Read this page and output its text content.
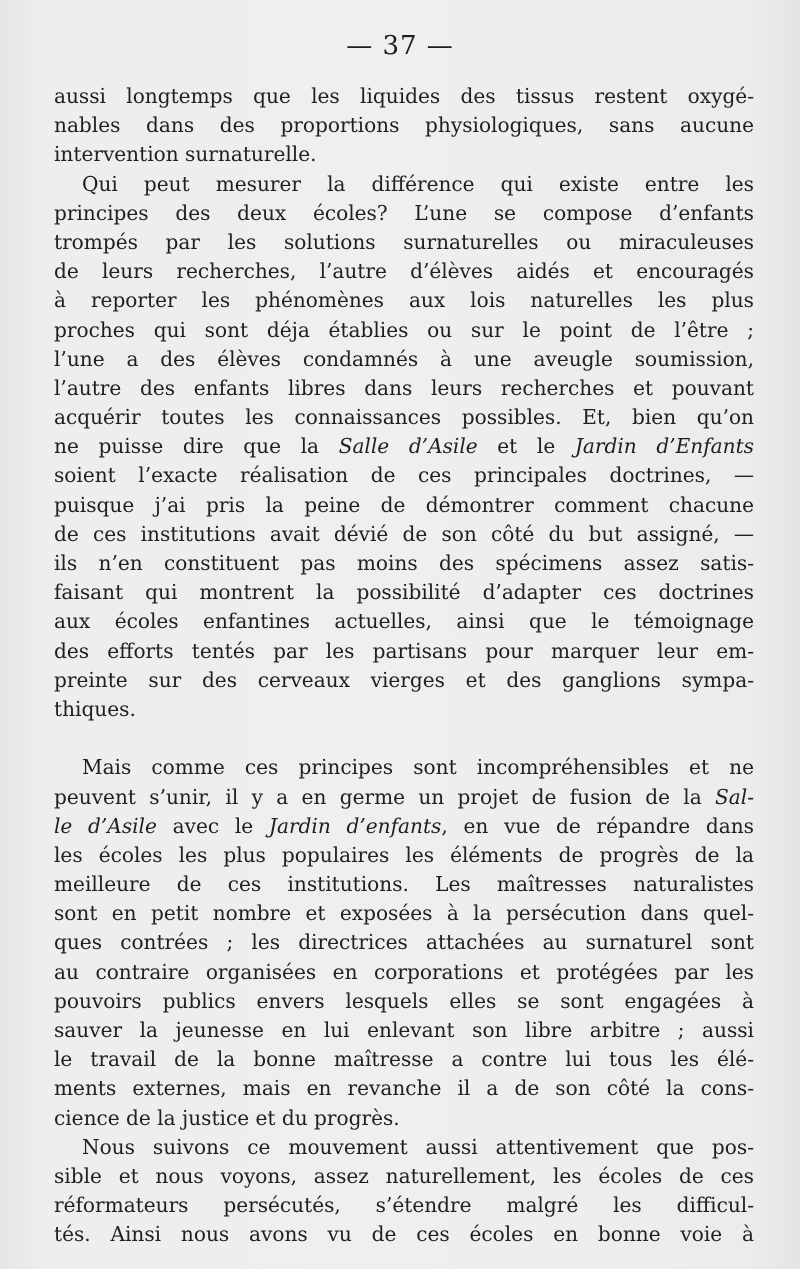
— 37 —
aussi longtemps que les liquides des tissus restent oxygé-
nables dans des proportions physiologiques, sans aucune
intervention surnaturelle.
Qui peut mesurer la différence qui existe entre les
principes des deux écoles? L’une se compose d’enfants
trompés par les solutions surnaturelles ou miraculeuses
de leurs recherches, l’autre d’élèves aidés et encouragés
à reporter les phénomènes aux lois naturelles les plus
proches qui sont déja établies ou sur le point de l’être ;
l’une a des élèves condamnés à une aveugle soumission,
l’autre des enfants libres dans leurs recherches et pouvant
acquérir toutes les connaissances possibles. Et, bien qu’on
ne puisse dire que la Salle d’Asile et le Jardin d’Enfants
soient l’exacte réalisation de ces principales doctrines, —
puisque j’ai pris la peine de démontrer comment chacune
de ces institutions avait dévié de son côté du but assigné, —
ils n’en constituent pas moins des spécimens assez satis-
faisant qui montrent la possibilité d’adapter ces doctrines
aux écoles enfantines actuelles, ainsi que le témoignage
des efforts tentés par les partisans pour marquer leur em-
preinte sur des cerveaux vierges et des ganglions sympa-
thiques.
Mais comme ces principes sont incompréhensibles et ne
peuvent s’unir, il y a en germe un projet de fusion de la Sal-
le d’Asile avec le Jardin d’enfants, en vue de répandre dans
les écoles les plus populaires les éléments de progrès de la
meilleure de ces institutions. Les maîtresses naturalistes
sont en petit nombre et exposées à la persécution dans quel-
ques contrées ; les directrices attachées au surnaturel sont
au contraire organisées en corporations et protégées par les
pouvoirs publics envers lesquels elles se sont engagées à
sauver la jeunesse en lui enlevant son libre arbitre ; aussi
le travail de la bonne maîtresse a contre lui tous les élé-
ments externes, mais en revanche il a de son côté la cons-
cience de la justice et du progrès.
Nous suivons ce mouvement aussi attentivement que pos-
sible et nous voyons, assez naturellement, les écoles de ces
réformateurs persécutés, s’étendre malgré les difficul-
tés. Ainsi nous avons vu de ces écoles en bonne voie à
